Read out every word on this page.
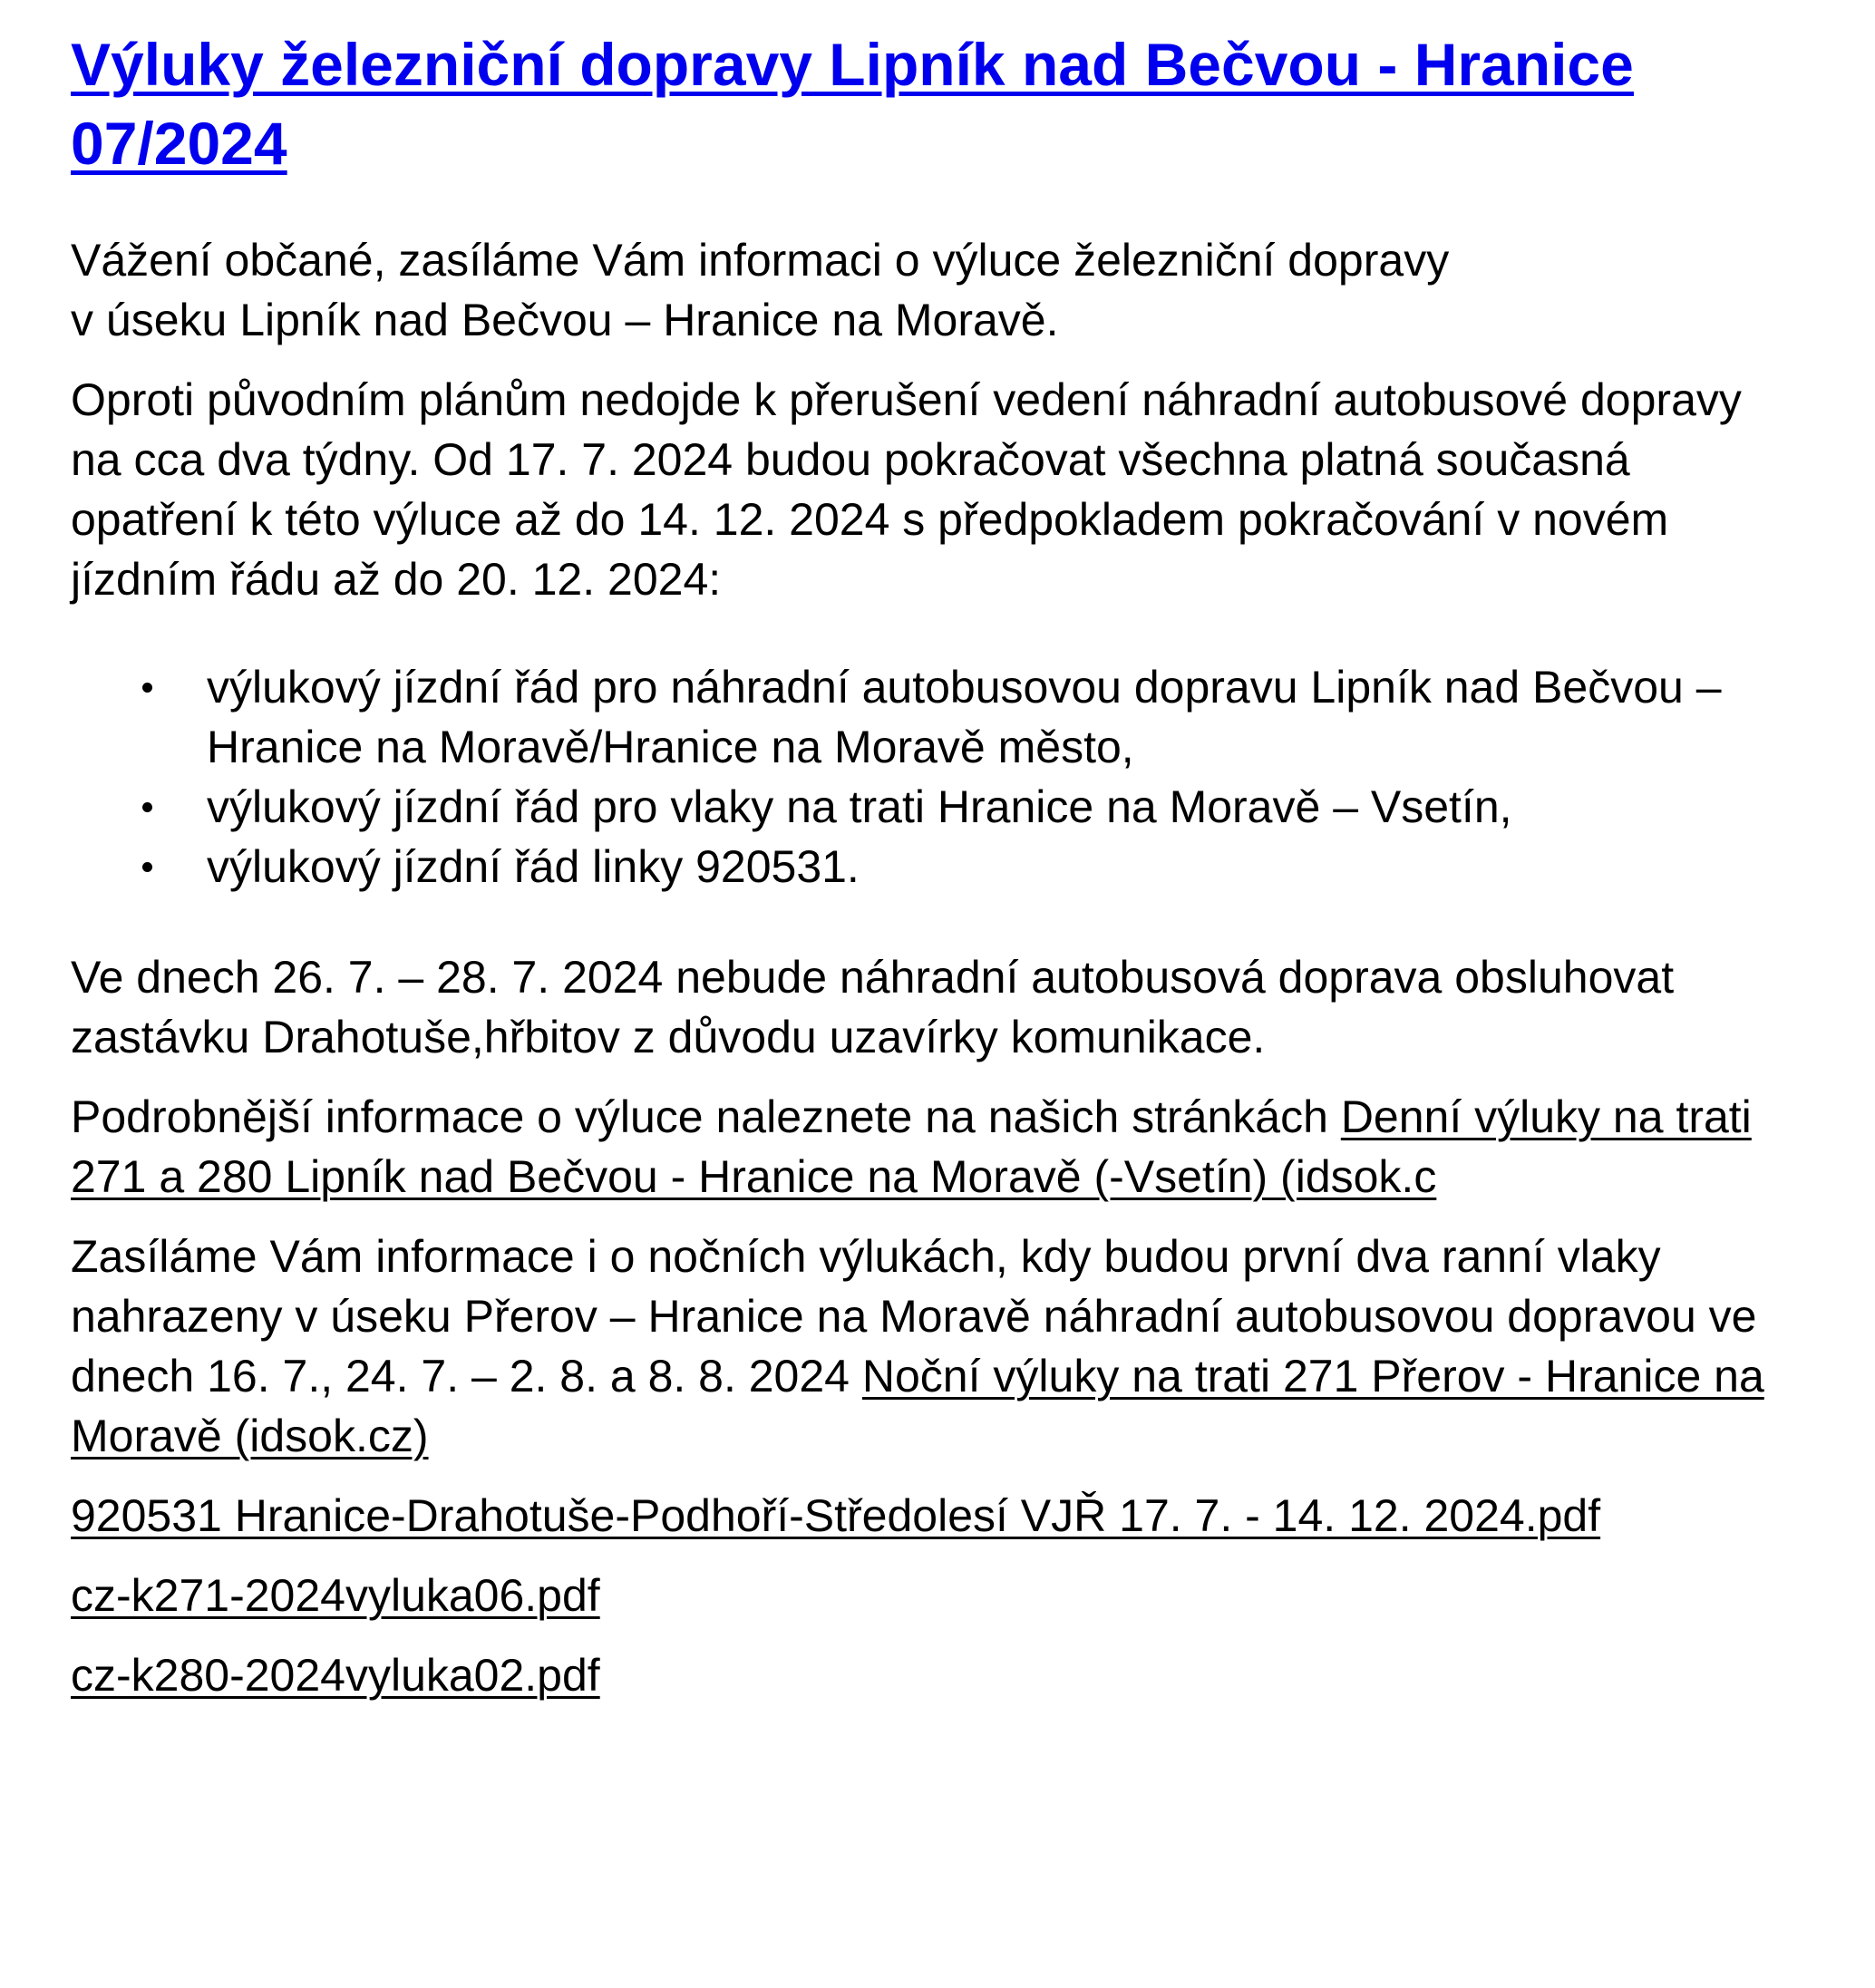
Výluky železniční dopravy Lipník nad Bečvou - Hranice 07/2024

Vážení občané, zasíláme Vám informaci o výluce železniční dopravy
v úseku Lipník nad Bečvou – Hranice na Moravě.

Oproti původním plánům nedojde k přerušení vedení náhradní autobusové dopravy na cca dva týdny. Od 17. 7. 2024 budou pokračovat všechna platná současná opatření k této výluce až do 14. 12. 2024 s předpokladem pokračování v novém jízdním řádu až do 20. 12. 2024:

výlukový jízdní řád pro náhradní autobusovou dopravu Lipník nad Bečvou – Hranice na Moravě/Hranice na Moravě město,
výlukový jízdní řád pro vlaky na trati Hranice na Moravě – Vsetín,
výlukový jízdní řád linky 920531.

Ve dnech 26. 7. – 28. 7. 2024 nebude náhradní autobusová doprava obsluhovat zastávku Drahotuše,hřbitov z důvodu uzavírky komunikace.

Podrobnější informace o výluce naleznete na našich stránkách Denní výluky na trati 271 a 280 Lipník nad Bečvou - Hranice na Moravě (-Vsetín) (idsok.c

Zasíláme Vám informace i o nočních výlukách, kdy budou první dva ranní vlaky nahrazeny v úseku Přerov – Hranice na Moravě náhradní autobusovou dopravou ve dnech 16. 7., 24. 7. – 2. 8. a 8. 8. 2024 Noční výluky na trati 271 Přerov - Hranice na Moravě (idsok.cz)

920531 Hranice-Drahotuše-Podhoří-Středolesí VJŘ 17. 7. - 14. 12. 2024.pdf

cz-k271-2024vyluka06.pdf

cz-k280-2024vyluka02.pdf
